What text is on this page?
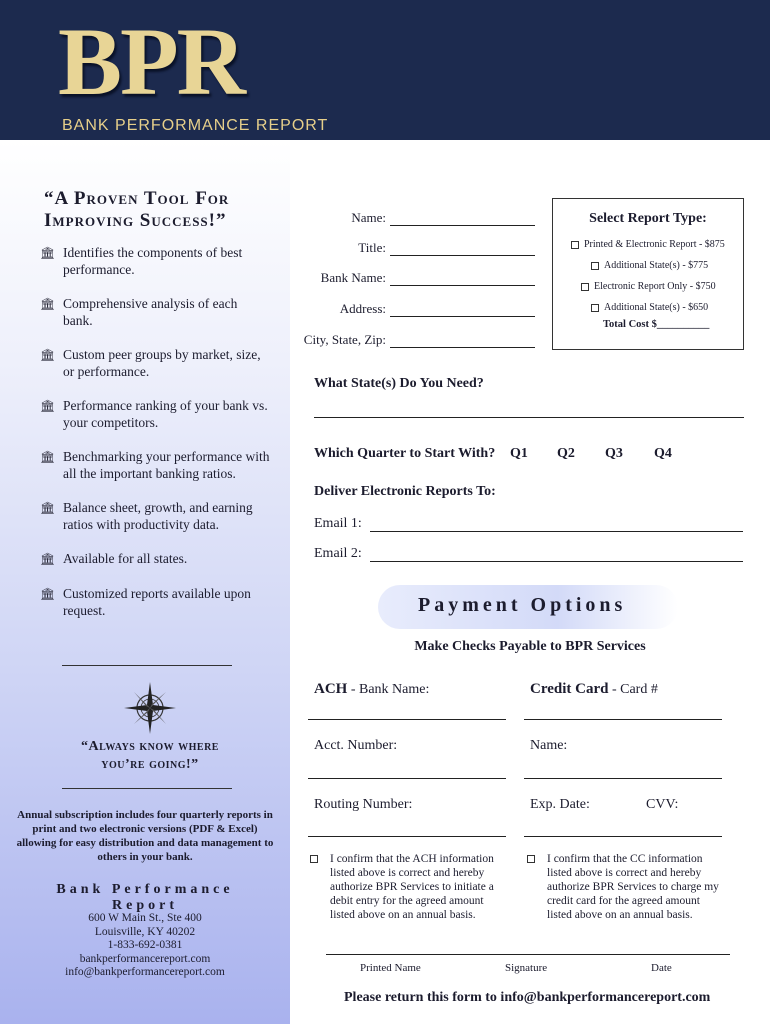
BPR
BANK PERFORMANCE REPORT
“A Proven Tool For
Improving Success!”
🏛 Identifies the components of best performance.
🏛 Comprehensive analysis of each bank.
🏛 Custom peer groups by market, size, or performance.
🏛 Performance ranking of your bank vs. your competitors.
🏛 Benchmarking your performance with all the important banking ratios.
🏛 Balance sheet, growth, and earning ratios with productivity data.
🏛 Available for all states.
🏛 Customized reports available upon request.
“Always know where
you’re going!”
Annual subscription includes four quarterly reports in print and two electronic versions (PDF & Excel) allowing for easy distribution and data management to others in your bank.
Bank Performance Report
600 W Main St., Ste 400
Louisville, KY 40202
1-833-692-0381
bankperformancereport.com
info@bankperformancereport.com
Name:
Title:
Bank Name:
Address:
City, State, Zip:
Select Report Type:
Printed & Electronic Report - $875
Additional State(s) - $775
Electronic Report Only - $750
Additional State(s) - $650
Total Cost $__________
What State(s) Do You Need?
Which Quarter to Start With? Q1 Q2 Q3 Q4
Deliver Electronic Reports To:
Email 1:
Email 2:
Payment Options
Make Checks Payable to BPR Services
ACH - Bank Name:
Acct. Number:
Routing Number:
Credit Card - Card #
Name:
Exp. Date:	CVV:
I confirm that the ACH information listed above is correct and hereby authorize BPR Services to initiate a debit entry for the agreed amount listed above on an annual basis.
I confirm that the CC information listed above is correct and hereby authorize BPR Services to charge my credit card for the agreed amount listed above on an annual basis.
Printed Name	Signature	Date
Please return this form to info@bankperformancereport.com
